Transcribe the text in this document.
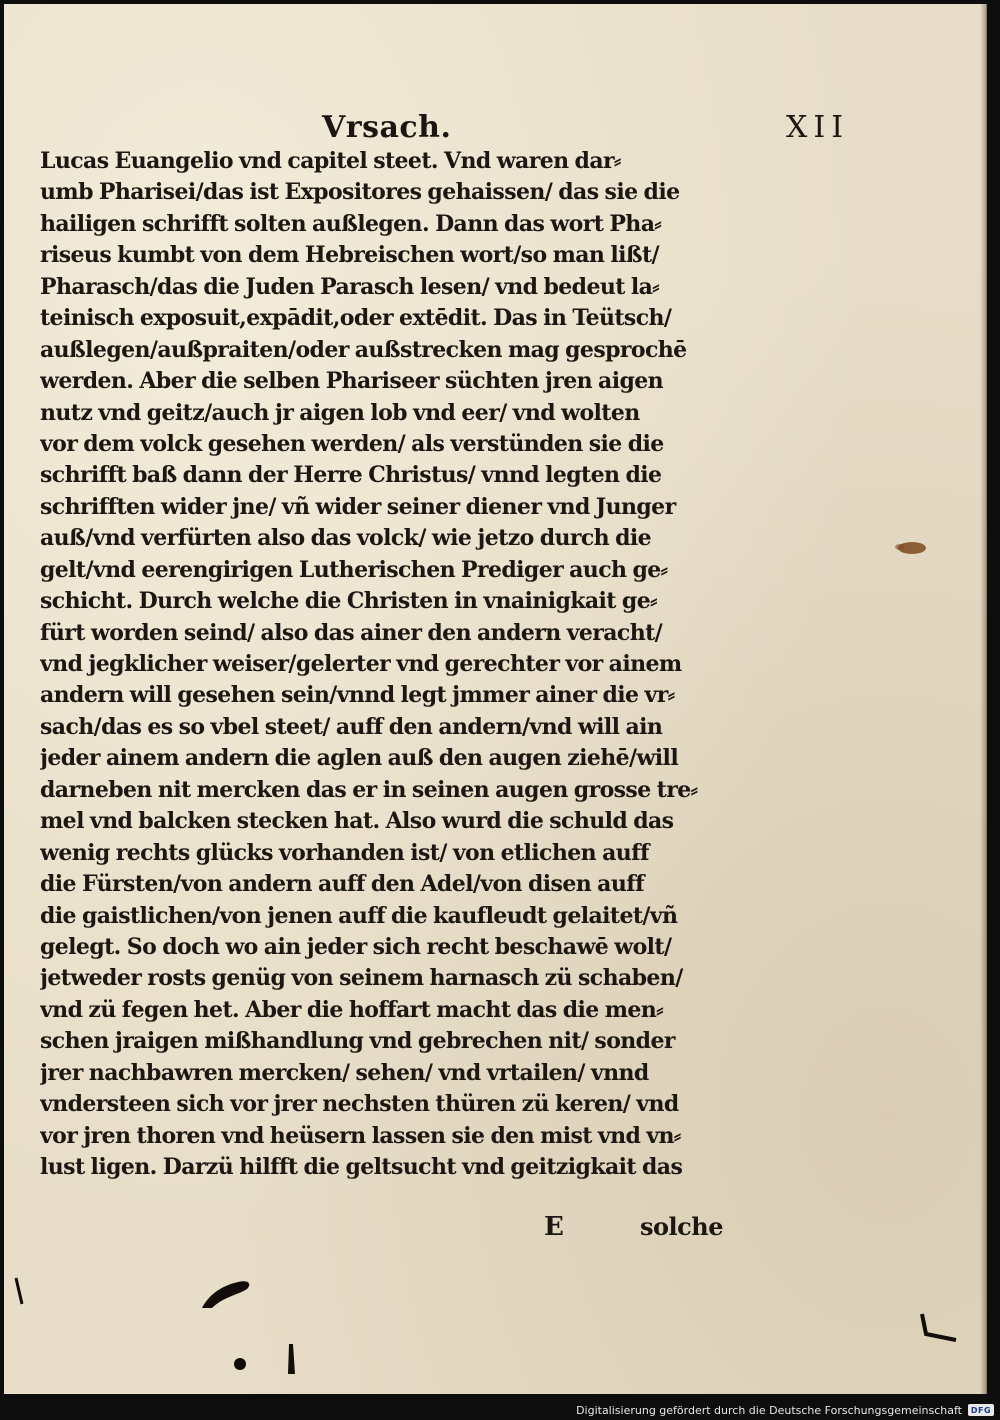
Vrsach.	XII
Lucas Euangelio vnd capitel steet. Vnd waren dar⸗
umb Pharisei/das ist Expositores gehaissen/ das sie die
hailigen schrifft solten außlegen. Dann das wort Pha⸗
riseus kumbt von dem Hebreischen wort/so man lißt/
Pharasch/das die Juden Parasch lesen/ vnd bedeut la⸗
teinisch exposuit,expādit,oder extēdit. Das in Teütsch/
außlegen/außpraiten/oder außstrecken mag gesprochē
werden. Aber die selben Phariseer süchten jren aigen
nutz vnd geitz/auch jr aigen lob vnd eer/ vnd wolten
vor dem volck gesehen werden/ als verstünden sie die
schrifft baß dann der Herre Christus/ vnnd legten die
schrifften wider jne/ vñ wider seiner diener vnd Junger
auß/vnd verfürten also das volck/ wie jetzo durch die
gelt/vnd eerengirigen Lutherischen Prediger auch ge⸗
schicht. Durch welche die Christen in vnainigkait ge⸗
fürt worden seind/ also das ainer den andern veracht/
vnd jegklicher weiser/gelerter vnd gerechter vor ainem
andern will gesehen sein/vnnd legt jmmer ainer die vr⸗
sach/das es so vbel steet/ auff den andern/vnd will ain
jeder ainem andern die aglen auß den augen ziehē/will
darneben nit mercken das er in seinen augen grosse tre⸗
mel vnd balcken stecken hat. Also wurd die schuld das
wenig rechts glücks vorhanden ist/ von etlichen auff
die Fürsten/von andern auff den Adel/von disen auff
die gaistlichen/von jenen auff die kaufleudt gelaitet/vñ
gelegt. So doch wo ain jeder sich recht beschawē wolt/
jetweder rosts genüg von seinem harnasch zü schaben/
vnd zü fegen het. Aber die hoffart macht das die men⸗
schen jraigen mißhandlung vnd gebrechen nit/ sonder
jrer nachbawren mercken/ sehen/ vnd vrtailen/ vnnd
vndersteen sich vor jrer nechsten thüren zü keren/ vnd
vor jren thoren vnd heüsern lassen sie den mist vnd vn⸗
lust ligen. Darzü hilfft die geltsucht vnd geitzigkait das
E	solche
Digitalisierung gefördert durch die Deutsche Forschungsgemeinschaft	DFG
